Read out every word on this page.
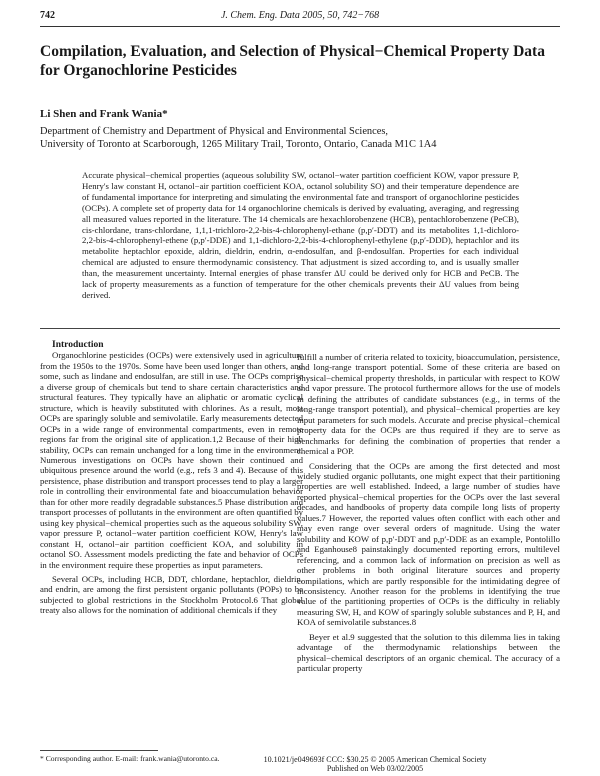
742	J. Chem. Eng. Data 2005, 50, 742−768
Compilation, Evaluation, and Selection of Physical−Chemical Property Data for Organochlorine Pesticides
Li Shen and Frank Wania*
Department of Chemistry and Department of Physical and Environmental Sciences,
University of Toronto at Scarborough, 1265 Military Trail, Toronto, Ontario, Canada M1C 1A4

Accurate physical−chemical properties (aqueous solubility SW, octanol−water partition coefficient KOW, vapor pressure P, Henry's law constant H, octanol−air partition coefficient KOA, octanol solubility SO) and their temperature dependence are of fundamental importance for interpreting and simulating the environmental fate and transport of organochlorine pesticides (OCPs). A complete set of property data for 14 organochlorine chemicals is derived by evaluating, averaging, and regressing all measured values reported in the literature. The 14 chemicals are hexachlorobenzene (HCB), pentachlorobenzene (PeCB), cis-chlordane, trans-chlordane, 1,1,1-trichloro-2,2-bis-4-chlorophenyl-ethane (p,p′-DDT) and its metabolites 1,1-dichloro-2,2-bis-4-chlorophenyl-ethene (p,p′-DDE) and 1,1-dichloro-2,2-bis-4-chlorophenyl-ethylene (p,p′-DDD), heptachlor and its metabolite heptachlor epoxide, aldrin, dieldrin, endrin, α-endosulfan, and β-endosulfan. Properties for each individual chemical are adjusted to ensure thermodynamic consistency. That adjustment is sized according to, and is usually smaller than, the measurement uncertainty. Internal energies of phase transfer ΔU could be derived only for HCB and PeCB. The lack of property measurements as a function of temperature for the other chemicals prevents their ΔU values from being derived.

Introduction

Organochlorine pesticides (OCPs) were extensively used in agriculture from the 1950s to the 1970s. Some have been used longer than others, and some, such as lindane and endosulfan, are still in use. The OCPs comprise a diverse group of chemicals but tend to share certain characteristics and structural features. They typically have an aliphatic or aromatic cyclical structure, which is heavily substituted with chlorines. As a result, most OCPs are sparingly soluble and semivolatile. Early measurements detected OCPs in a wide range of environmental compartments, even in remote regions far from the original site of application.1,2 Because of their high stability, OCPs can remain unchanged for a long time in the environment. Numerous investigations on OCPs have shown their continued and ubiquitous presence around the world (e.g., refs 3 and 4). Because of this persistence, phase distribution and transport processes tend to play a larger role in controlling their environmental fate and bioaccumulation behavior than for other more readily degradable substances.5 Phase distribution and transport processes of pollutants in the environment are often quantified by using key physical−chemical properties such as the aqueous solubility SW, vapor pressure P, octanol−water partition coefficient KOW, Henry's law constant H, octanol−air partition coefficient KOA, and solubility in octanol SO. Assessment models predicting the fate and behavior of OCPs in the environment require these properties as input parameters.

Several OCPs, including HCB, DDT, chlordane, heptachlor, dieldrin, and endrin, are among the first persistent organic pollutants (POPs) to be subjected to global restrictions in the Stockholm Protocol.6 That global treaty also allows for the nomination of additional chemicals if they

fulfill a number of criteria related to toxicity, bioaccumulation, persistence, and long-range transport potential. Some of these criteria are based on physical−chemical property thresholds, in particular with respect to KOW and vapor pressure. The protocol furthermore allows for the use of models in defining the attributes of candidate substances (e.g., in terms of the long-range transport potential), and physical−chemical properties are key input parameters for such models. Accurate and precise physical−chemical property data for the OCPs are thus required if they are to serve as benchmarks for defining the combination of properties that render a chemical a POP.

Considering that the OCPs are among the first detected and most widely studied organic pollutants, one might expect that their partitioning properties are well established. Indeed, a large number of studies have reported physical−chemical properties for the OCPs over the last several decades, and handbooks of property data compile long lists of property values.7 However, the reported values often conflict with each other and may even range over several orders of magnitude. Using the water solubility and KOW of p,p′-DDT and p,p′-DDE as an example, Pontolillo and Eganhouse8 painstakingly documented reporting errors, multilevel referencing, and a common lack of information on precision as well as other problems in both original literature sources and property compilations, which are partly responsible for the intimidating degree of inconsistency. Another reason for the problems in identifying the true value of the partitioning properties of OCPs is the difficulty in reliably measuring SW, H, and KOW of sparingly soluble substances and P, H, and KOA of semivolatile substances.8

Beyer et al.9 suggested that the solution to this dilemma lies in taking advantage of the thermodynamic relationships between the physical−chemical descriptors of an organic chemical. The accuracy of a particular property

* Corresponding author. E-mail: frank.wania@utoronto.ca.	10.1021/je049693f CCC: $30.25 © 2005 American Chemical Society
Published on Web 03/02/2005
